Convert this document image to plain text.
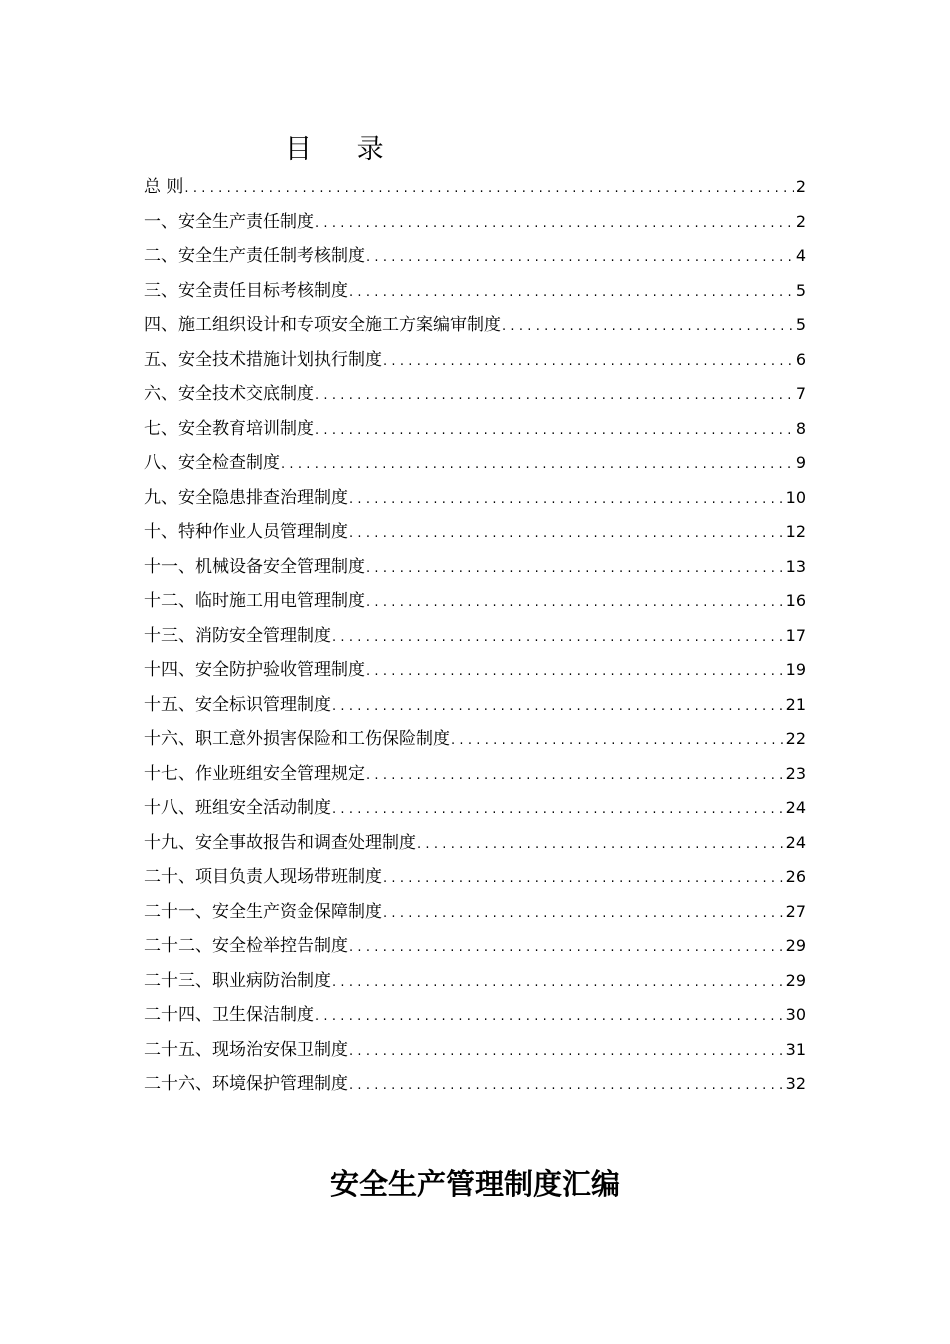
目 录
总 则 .....	2
一、安全生产责任制度 .....	2
二、安全生产责任制考核制度 .....	4
三、安全责任目标考核制度 .....	5
四、施工组织设计和专项安全施工方案编审制度 .....	5
五、安全技术措施计划执行制度 .....	6
六、安全技术交底制度 .....	7
七、安全教育培训制度 .....	8
八、安全检查制度 .....	9
九、安全隐患排查治理制度 .....	10
十、特种作业人员管理制度 .....	12
十一、机械设备安全管理制度 .....	13
十二、临时施工用电管理制度 .....	16
十三、消防安全管理制度 .....	17
十四、安全防护验收管理制度 .....	19
十五、安全标识管理制度 .....	21
十六、职工意外损害保险和工伤保险制度 .....	22
十七、作业班组安全管理规定 .....	23
十八、班组安全活动制度 .....	24
十九、安全事故报告和调查处理制度 .....	24
二十、项目负责人现场带班制度 .....	26
二十一、安全生产资金保障制度 .....	27
二十二、安全检举控告制度 .....	29
二十三、职业病防治制度 .....	29
二十四、卫生保洁制度 .....	30
二十五、现场治安保卫制度 .....	31
二十六、环境保护管理制度 .....	32
安全生产管理制度汇编
